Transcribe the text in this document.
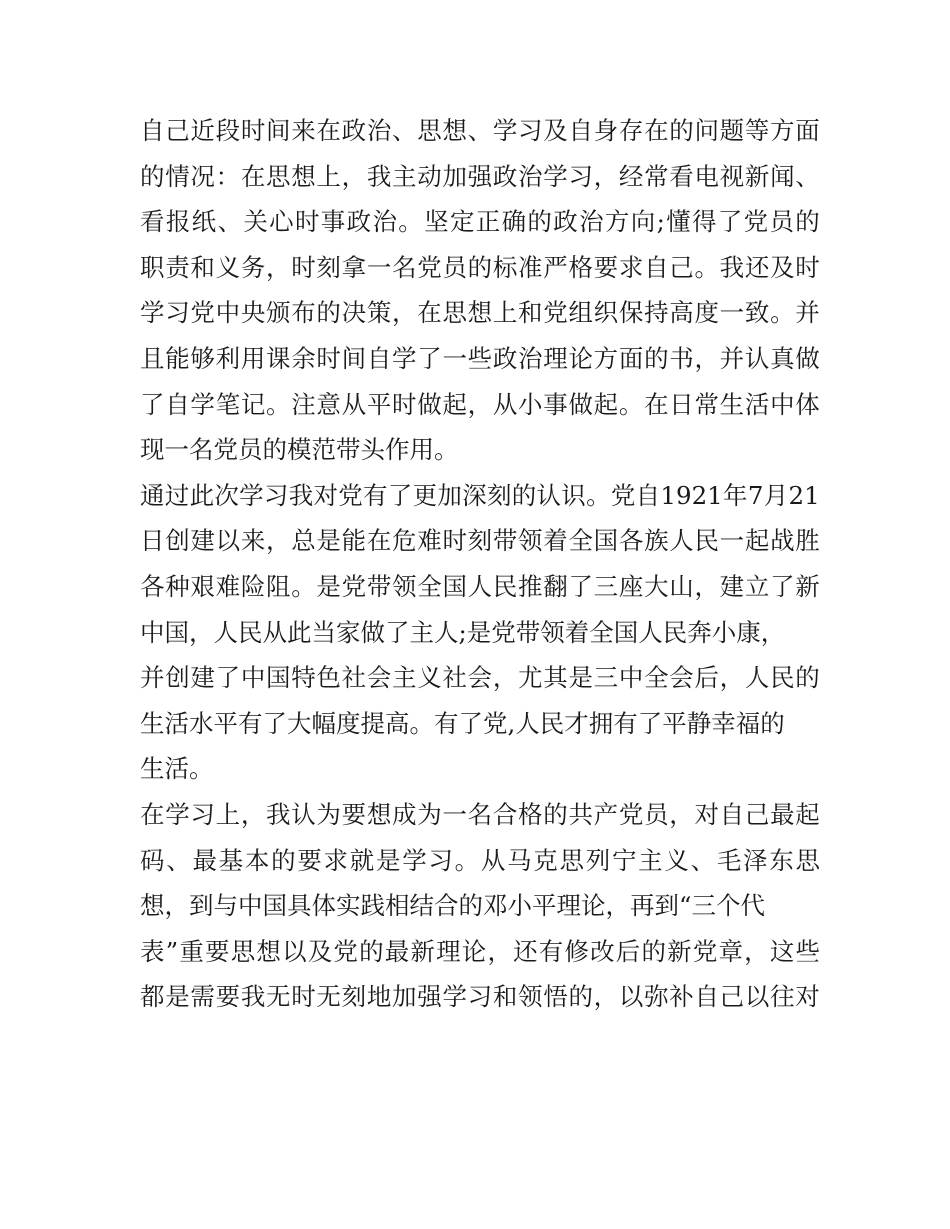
自 己 近 段 时 间 来 在 政 治 、 思 想 、 学 习 及 自 身 存 在 的 问 题 等 方 面
的 情 况 ： 在 思 想 上 ， 我 主 动 加 强 政 治 学 习 ， 经 常 看 电 视 新 闻 、
看 报 纸 、 关 心 时 事 政 治 。 坚 定 正 确 的 政 治 方 向 ; 懂 得 了 党 员 的
职 责 和 义 务 ， 时 刻 拿 一 名 党 员 的 标 准 严 格 要 求 自 己 。 我 还 及 时
学 习 党 中 央 颁 布 的 决 策 ， 在 思 想 上 和 党 组 织 保 持 高 度 一 致 。 并
且 能 够 利 用 课 余 时 间 自 学 了 一 些 政 治 理 论 方 面 的 书 ， 并 认 真 做
了 自 学 笔 记 。 注 意 从 平 时 做 起 ， 从 小 事 做 起 。 在 日 常 生 活 中 体
现 一 名 党 员 的 模 范 带 头 作 用 。
通 过 此 次 学 习 我 对 党 有 了 更 加 深 刻 的 认 识 。 党 自 1921 年 7 月 21
日 创 建 以 来 ， 总 是 能 在 危 难 时 刻 带 领 着 全 国 各 族 人 民 一 起 战 胜
各 种 艰 难 险 阻 。 是 党 带 领 全 国 人 民 推 翻 了 三 座 大 山 ， 建 立 了 新
中 国 ， 人 民 从 此 当 家 做 了 主 人 ; 是 党 带 领 着 全 国 人 民 奔 小 康 ，
并 创 建 了 中 国 特 色 社 会 主 义 社 会 ， 尤 其 是 三 中 全 会 后 ， 人 民 的
生 活 水 平 有 了 大 幅 度 提 高 。 有 了 党 , 人 民 才 拥 有 了 平 静 幸 福 的
生 活 。
在 学 习 上 ， 我 认 为 要 想 成 为 一 名 合 格 的 共 产 党 员 ， 对 自 己 最 起
码 、 最 基 本 的 要 求 就 是 学 习 。 从 马 克 思 列 宁 主 义 、 毛 泽 东 思
想 ， 到 与 中 国 具 体 实 践 相 结 合 的 邓 小 平 理 论 ， 再 到 “ 三 个 代
表 ” 重 要 思 想 以 及 党 的 最 新 理 论 ， 还 有 修 改 后 的 新 党 章 ， 这 些
都 是 需 要 我 无 时 无 刻 地 加 强 学 习 和 领 悟 的 ， 以 弥 补 自 己 以 往 对
